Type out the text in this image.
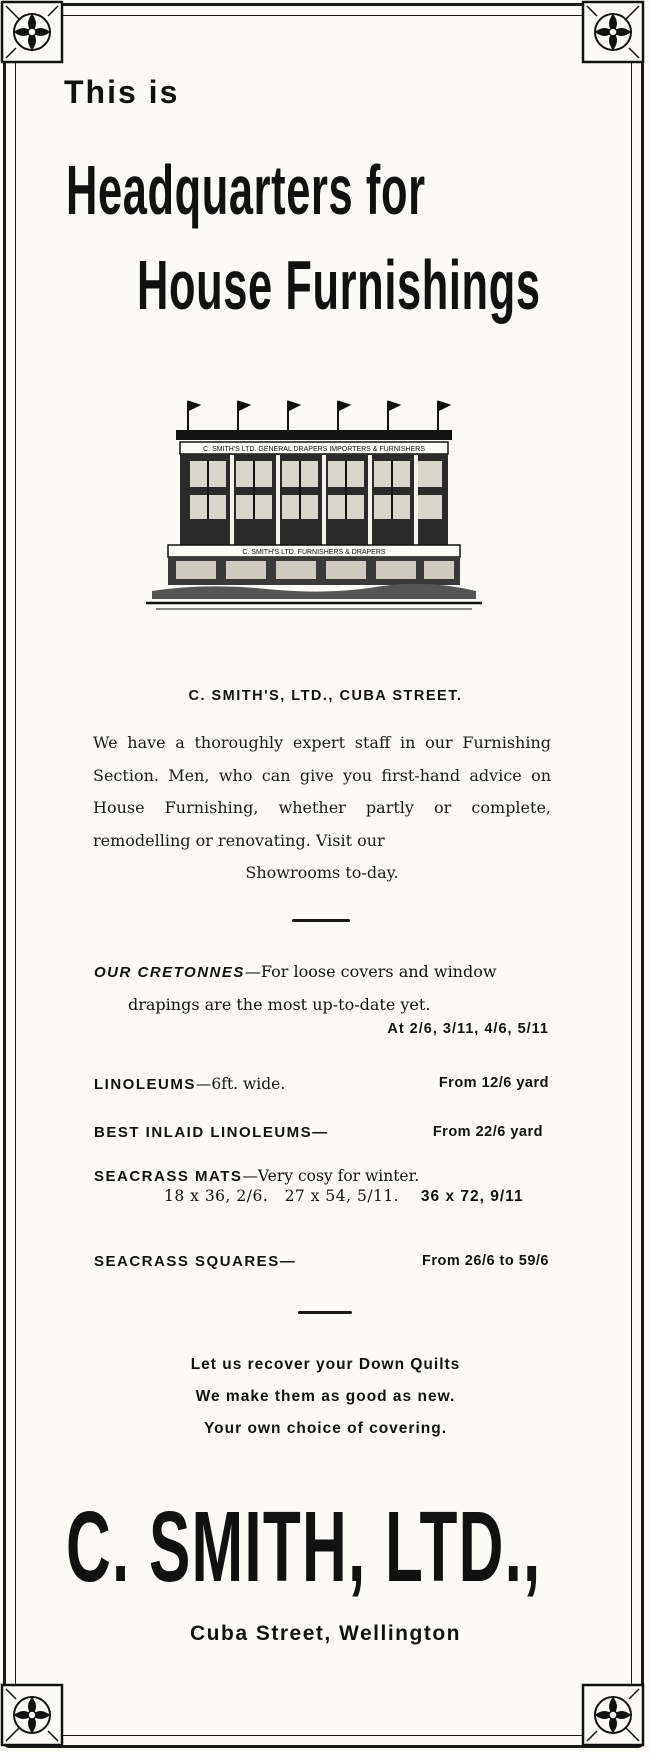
This is
Headquarters for
House Furnishings
C. SMITH'S LTD. GENERAL DRAPERS IMPORTERS & FURNISHERS
C. SMITH'S LTD. FURNISHERS & DRAPERS
C. SMITH'S, LTD., CUBA STREET.
We have a thoroughly expert staff in our Furnishing Section. Men, who can give you first-hand advice on House Furnishing, whether partly or complete, remodelling or renovating. Visit our
Showrooms to-day.
OUR CRETONNES—For loose covers and window
drapings are the most up-to-date yet.
At 2/6, 3/11, 4/6, 5/11
LINOLEUMS—6ft. wide.	From 12/6 yard
BEST INLAID LINOLEUMS—	From 22/6 yard
SEACRASS MATS—Very cosy for winter.
18 x 36, 2/6. 27 x 54, 5/11. 36 x 72, 9/11
SEACRASS SQUARES—	From 26/6 to 59/6
Let us recover your Down Quilts
We make them as good as new.
Your own choice of covering.
C. SMITH, LTD.,
Cuba Street, Wellington
